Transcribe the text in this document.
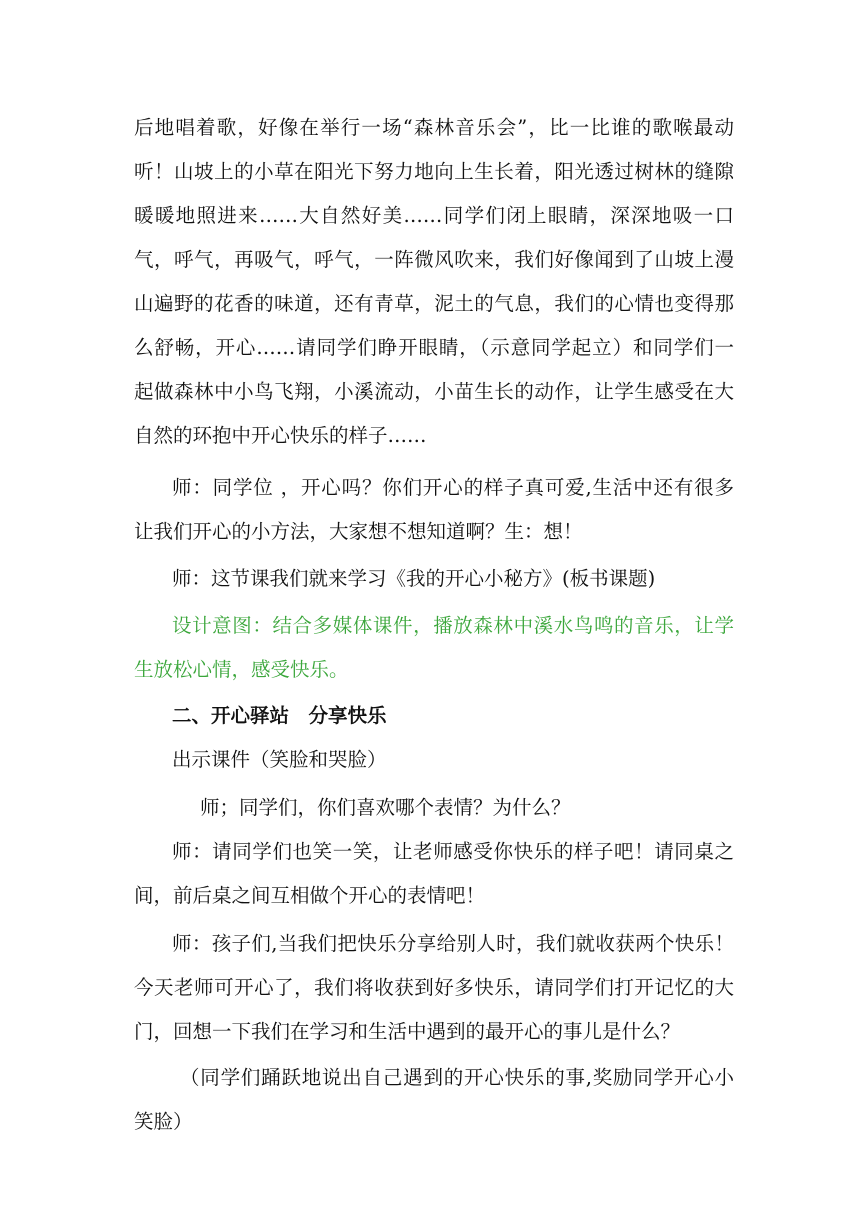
后地唱着歌，好像在举行一场“森林音乐会”，比一比谁的歌喉最动
听！山坡上的小草在阳光下努力地向上生长着，阳光透过树林的缝隙
暖暖地照进来……大自然好美……同学们闭上眼睛，深深地吸一口
气，呼气，再吸气，呼气，一阵微风吹来，我们好像闻到了山坡上漫
山遍野的花香的味道，还有青草，泥土的气息，我们的心情也变得那
么舒畅，开心……请同学们睁开眼睛，（示意同学起立）和同学们一
起做森林中小鸟飞翔，小溪流动，小苗生长的动作，让学生感受在大
自然的环抱中开心快乐的样子……
师：同学位 ，开心吗？你们开心的样子真可爱,生活中还有很多
让我们开心的小方法，大家想不想知道啊？生：想！
师：这节课我们就来学习《我的开心小秘方》(板书课题)
设计意图：结合多媒体课件，播放森林中溪水鸟鸣的音乐，让学
生放松心情，感受快乐。
二、开心驿站　分享快乐
出示课件（笑脸和哭脸）
师；同学们，你们喜欢哪个表情？为什么？
师：请同学们也笑一笑，让老师感受你快乐的样子吧！请同桌之
间，前后桌之间互相做个开心的表情吧！
师：孩子们,当我们把快乐分享给别人时，我们就收获两个快乐！
今天老师可开心了，我们将收获到好多快乐，请同学们打开记忆的大
门，回想一下我们在学习和生活中遇到的最开心的事儿是什么？
（同学们踊跃地说出自己遇到的开心快乐的事,奖励同学开心小
笑脸）
